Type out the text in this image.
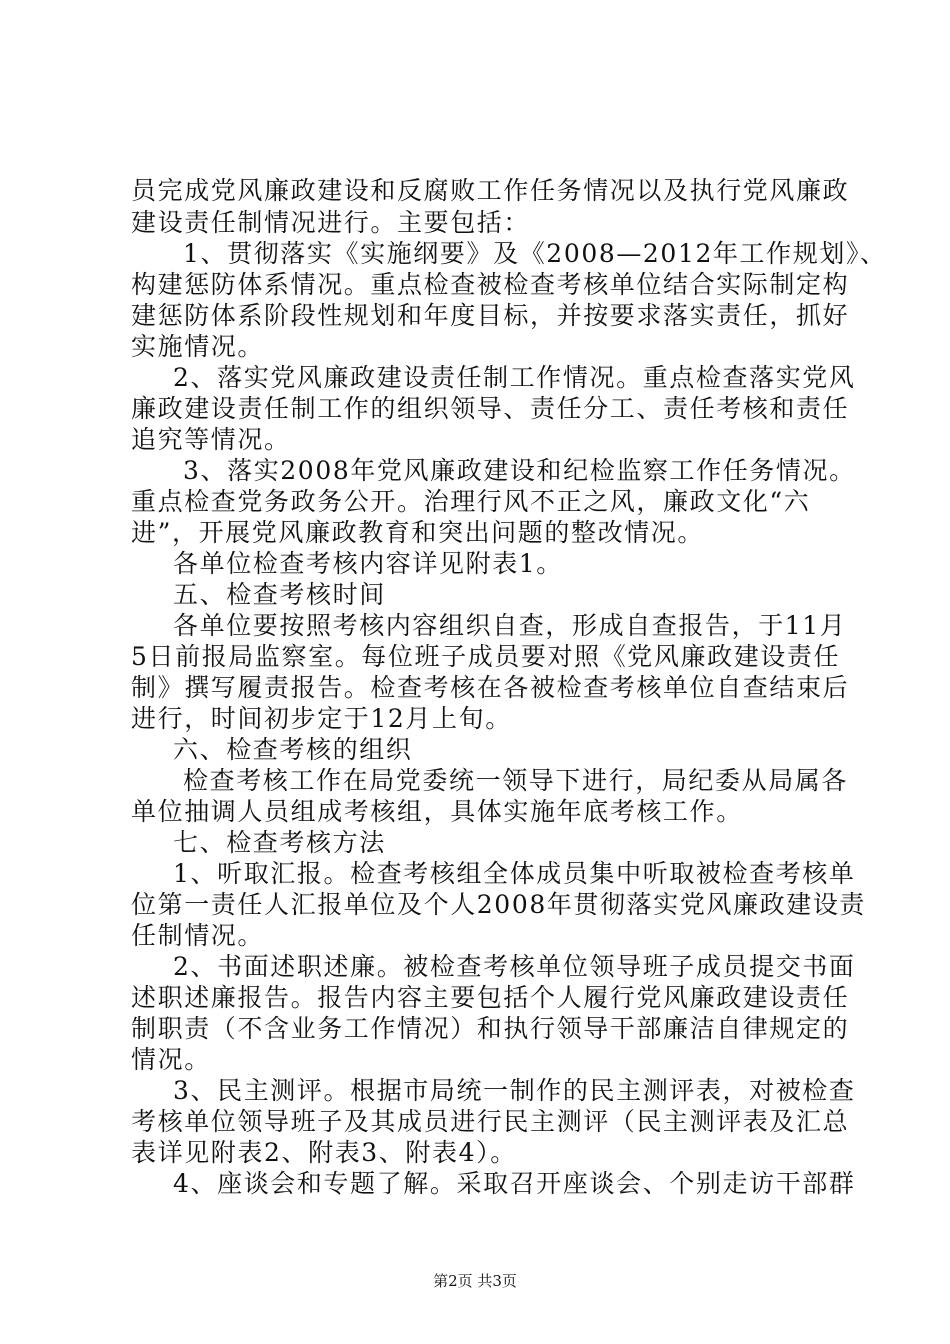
员完成党风廉政建设和反腐败工作任务情况以及执行党风廉政
建设责任制情况进行。主要包括：
1、贯彻落实《实施纲要》及《2008—2012年工作规划》、
构建惩防体系情况。重点检查被检查考核单位结合实际制定构
建惩防体系阶段性规划和年度目标，并按要求落实责任，抓好
实施情况。
2、落实党风廉政建设责任制工作情况。重点检查落实党风
廉政建设责任制工作的组织领导、责任分工、责任考核和责任
追究等情况。
3、落实2008年党风廉政建设和纪检监察工作任务情况。
重点检查党务政务公开。治理行风不正之风，廉政文化“六
进”，开展党风廉政教育和突出问题的整改情况。
各单位检查考核内容详见附表1。
五、检查考核时间
各单位要按照考核内容组织自查，形成自查报告，于11月
5日前报局监察室。每位班子成员要对照《党风廉政建设责任
制》撰写履责报告。检查考核在各被检查考核单位自查结束后
进行，时间初步定于12月上旬。
六、检查考核的组织
检查考核工作在局党委统一领导下进行，局纪委从局属各
单位抽调人员组成考核组，具体实施年底考核工作。
七、检查考核方法
1、听取汇报。检查考核组全体成员集中听取被检查考核单
位第一责任人汇报单位及个人2008年贯彻落实党风廉政建设责
任制情况。
2、书面述职述廉。被检查考核单位领导班子成员提交书面
述职述廉报告。报告内容主要包括个人履行党风廉政建设责任
制职责（不含业务工作情况）和执行领导干部廉洁自律规定的
情况。
3、民主测评。根据市局统一制作的民主测评表，对被检查
考核单位领导班子及其成员进行民主测评（民主测评表及汇总
表详见附表2、附表3、附表4）。
4、座谈会和专题了解。采取召开座谈会、个别走访干部群
第2页 共3页
